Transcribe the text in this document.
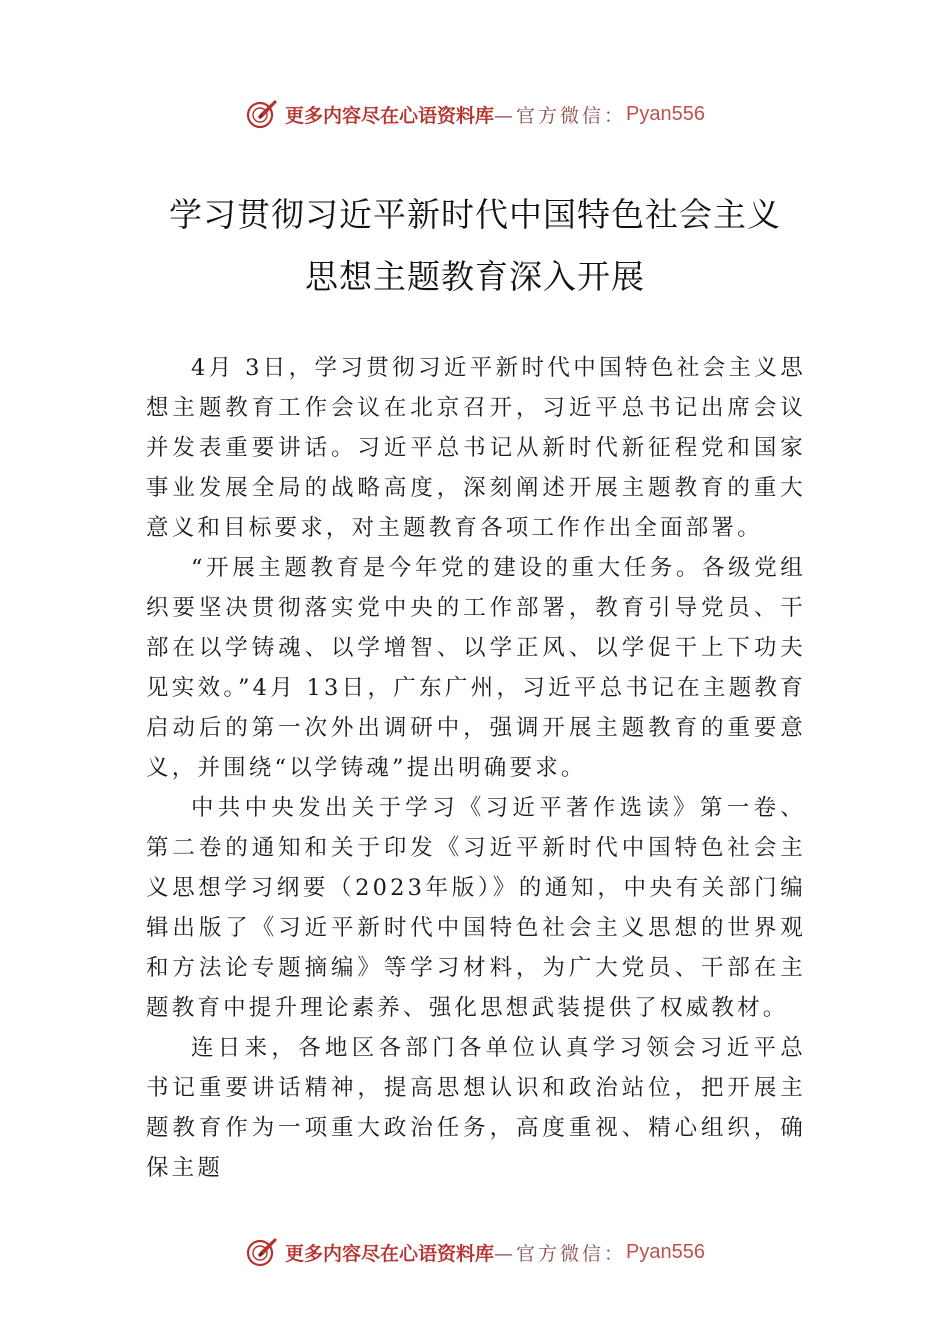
更多内容尽在心语资料库 —官方微信： Pyan556
学习贯彻习近平新时代中国特色社会主义
思想主题教育深入开展

4月 3日，学习贯彻习近平新时代中国特色社会主义思想主题教育工作会议在北京召开，习近平总书记出席会议并发表重要讲话。习近平总书记从新时代新征程党和国家事业发展全局的战略高度，深刻阐述开展主题教育的重大意义和目标要求，对主题教育各项工作作出全面部署。

“开展主题教育是今年党的建设的重大任务。各级党组织要坚决贯彻落实党中央的工作部署，教育引导党员、干部在以学铸魂、以学增智、以学正风、以学促干上下功夫见实效。”4月 13日，广东广州，习近平总书记在主题教育启动后的第一次外出调研中，强调开展主题教育的重要意义，并围绕“以学铸魂”提出明确要求。

中共中央发出关于学习《习近平著作选读》第一卷、第二卷的通知和关于印发《习近平新时代中国特色社会主义思想学习纲要（2023年版）》的通知，中央有关部门编辑出版了《习近平新时代中国特色社会主义思想的世界观和方法论专题摘编》等学习材料，为广大党员、干部在主题教育中提升理论素养、强化思想武装提供了权威教材。

连日来，各地区各部门各单位认真学习领会习近平总书记重要讲话精神，提高思想认识和政治站位，把开展主题教育作为一项重大政治任务，高度重视、精心组织，确保主题

更多内容尽在心语资料库 —官方微信： Pyan556
